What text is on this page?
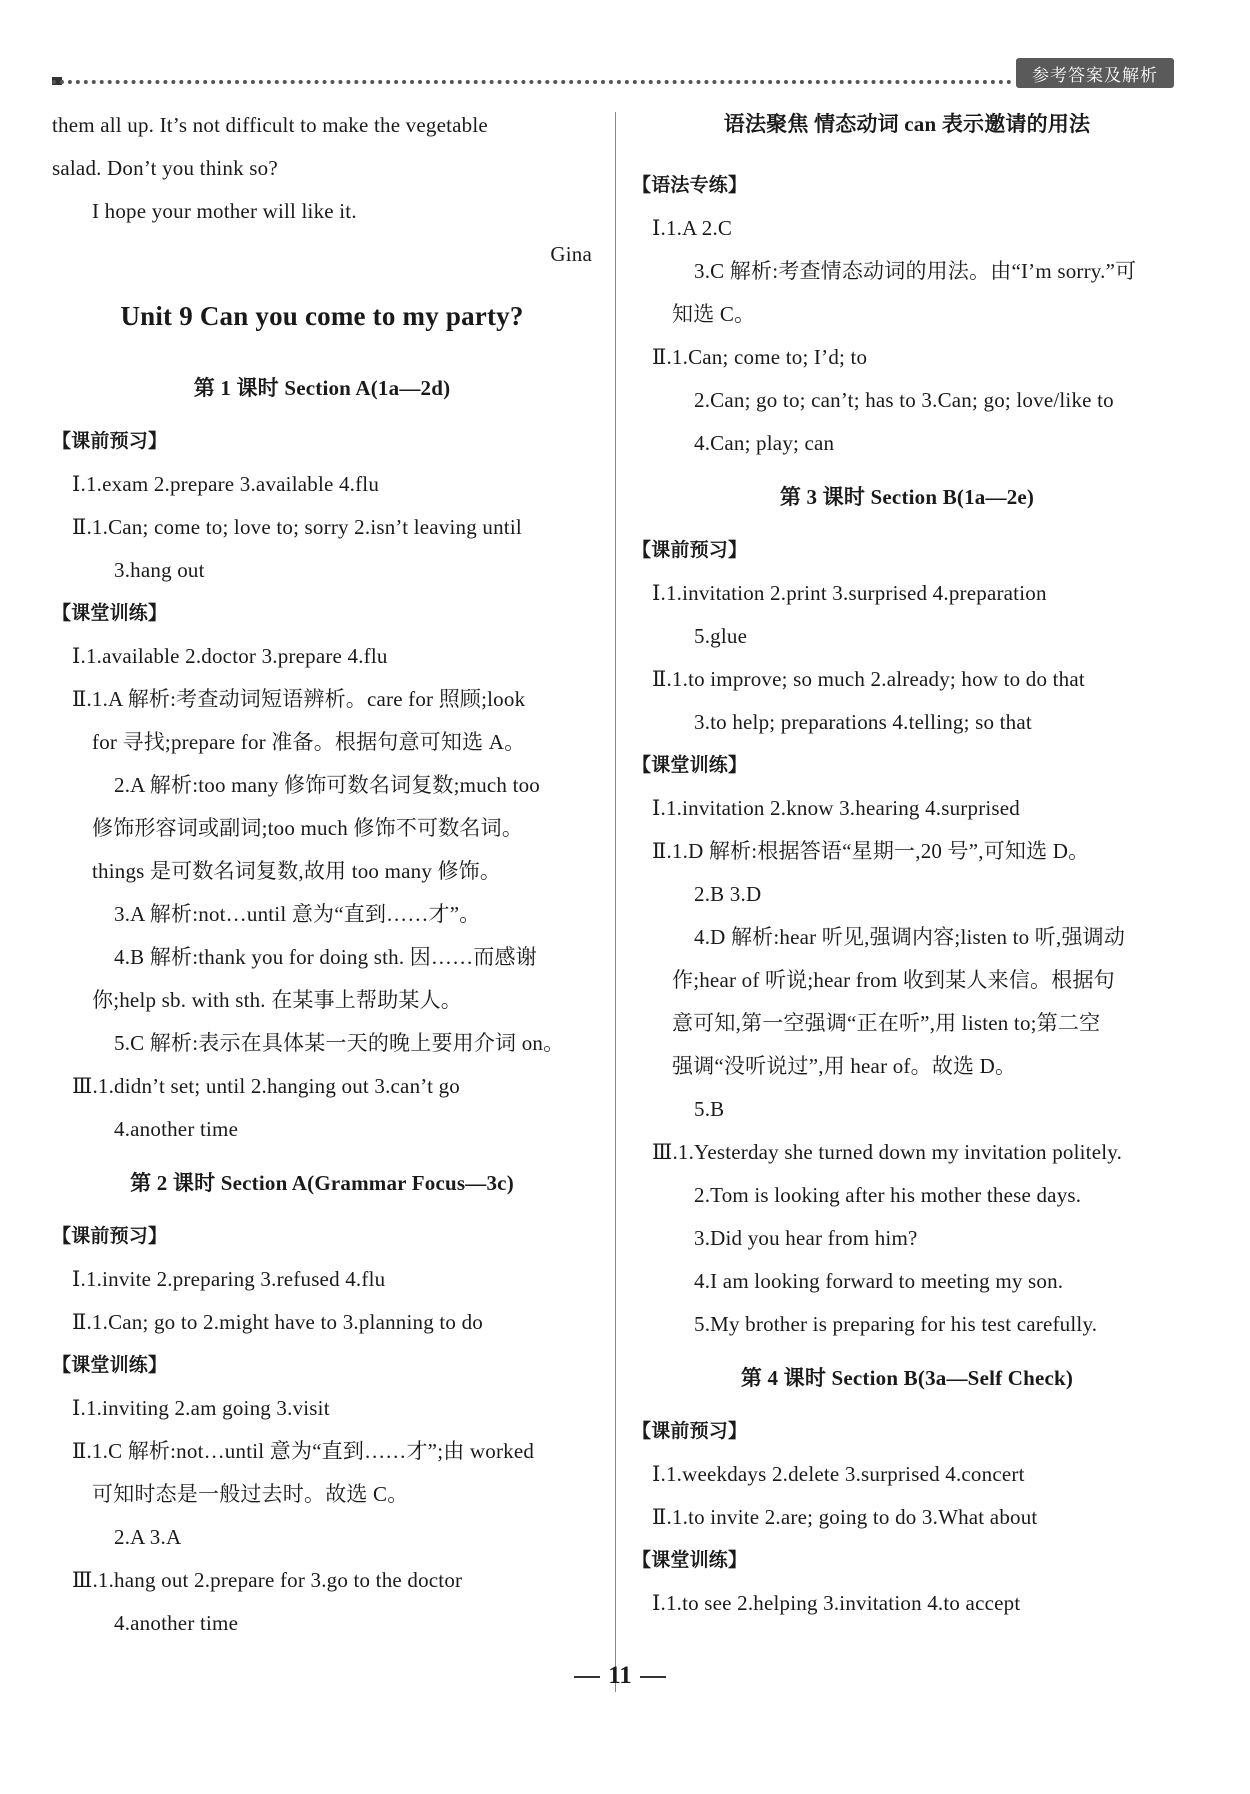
参考答案及解析
them all up. It’s not difficult to make the vegetable
salad. Don’t you think so?
I hope your mother will like it.
Gina
Unit 9 Can you come to my party?
第 1 课时 Section A(1a—2d)
【课前预习】
Ⅰ.1.exam 2.prepare 3.available 4.flu
Ⅱ.1.Can; come to; love to; sorry 2.isn’t leaving until
3.hang out
【课堂训练】
Ⅰ.1.available 2.doctor 3.prepare 4.flu
Ⅱ.1.A 解析:考查动词短语辨析。care for 照顾;look
for 寻找;prepare for 准备。根据句意可知选 A。
2.A 解析:too many 修饰可数名词复数;much too
修饰形容词或副词;too much 修饰不可数名词。
things 是可数名词复数,故用 too many 修饰。
3.A 解析:not…until 意为“直到……才”。
4.B 解析:thank you for doing sth. 因……而感谢
你;help sb. with sth. 在某事上帮助某人。
5.C 解析:表示在具体某一天的晚上要用介词 on。
Ⅲ.1.didn’t set; until 2.hanging out 3.can’t go
4.another time
第 2 课时 Section A(Grammar Focus—3c)
【课前预习】
Ⅰ.1.invite 2.preparing 3.refused 4.flu
Ⅱ.1.Can; go to 2.might have to 3.planning to do
【课堂训练】
Ⅰ.1.inviting 2.am going 3.visit
Ⅱ.1.C 解析:not…until 意为“直到……才”;由 worked
可知时态是一般过去时。故选 C。
2.A 3.A
Ⅲ.1.hang out 2.prepare for 3.go to the doctor
4.another time
语法聚焦 情态动词 can 表示邀请的用法
【语法专练】
Ⅰ.1.A 2.C
3.C 解析:考查情态动词的用法。由“I’m sorry.”可
知选 C。
Ⅱ.1.Can; come to; I’d; to
2.Can; go to; can’t; has to 3.Can; go; love/like to
4.Can; play; can
第 3 课时 Section B(1a—2e)
【课前预习】
Ⅰ.1.invitation 2.print 3.surprised 4.preparation
5.glue
Ⅱ.1.to improve; so much 2.already; how to do that
3.to help; preparations 4.telling; so that
【课堂训练】
Ⅰ.1.invitation 2.know 3.hearing 4.surprised
Ⅱ.1.D 解析:根据答语“星期一,20 号”,可知选 D。
2.B 3.D
4.D 解析:hear 听见,强调内容;listen to 听,强调动
作;hear of 听说;hear from 收到某人来信。根据句
意可知,第一空强调“正在听”,用 listen to;第二空
强调“没听说过”,用 hear of。故选 D。
5.B
Ⅲ.1.Yesterday she turned down my invitation politely.
2.Tom is looking after his mother these days.
3.Did you hear from him?
4.I am looking forward to meeting my son.
5.My brother is preparing for his test carefully.
第 4 课时 Section B(3a—Self Check)
【课前预习】
Ⅰ.1.weekdays 2.delete 3.surprised 4.concert
Ⅱ.1.to invite 2.are; going to do 3.What about
【课堂训练】
Ⅰ.1.to see 2.helping 3.invitation 4.to accept
11
